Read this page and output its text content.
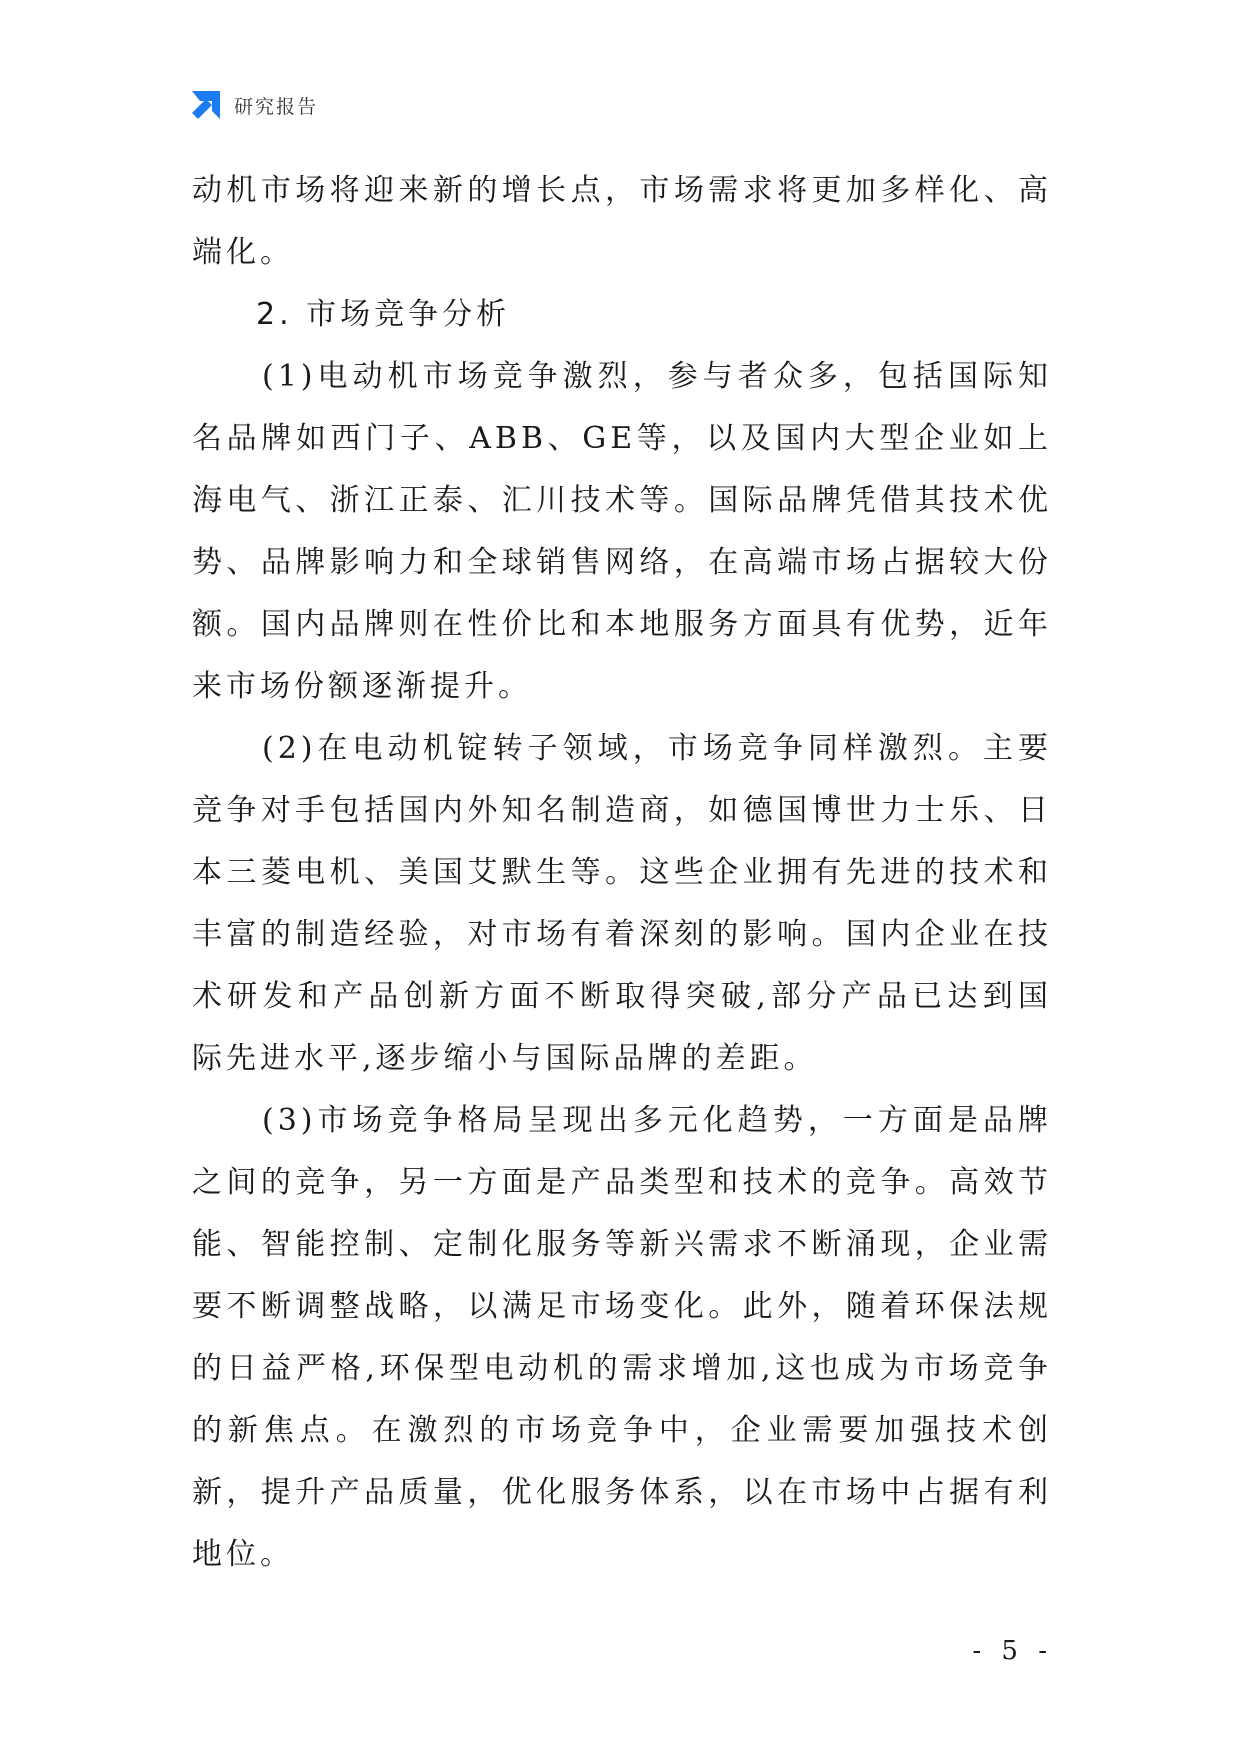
研究报告

动机市场将迎来新的增长点，市场需求将更加多样化、高端化。

2. 市场竞争分析

(1)电动机市场竞争激烈，参与者众多，包括国际知名品牌如西门子、ABB、GE等，以及国内大型企业如上海电气、浙江正泰、汇川技术等。国际品牌凭借其技术优势、品牌影响力和全球销售网络，在高端市场占据较大份额。国内品牌则在性价比和本地服务方面具有优势，近年来市场份额逐渐提升。

(2)在电动机锭转子领域，市场竞争同样激烈。主要竞争对手包括国内外知名制造商，如德国博世力士乐、日本三菱电机、美国艾默生等。这些企业拥有先进的技术和丰富的制造经验，对市场有着深刻的影响。国内企业在技术研发和产品创新方面不断取得突破,部分产品已达到国际先进水平,逐步缩小与国际品牌的差距。

(3)市场竞争格局呈现出多元化趋势，一方面是品牌之间的竞争，另一方面是产品类型和技术的竞争。高效节能、智能控制、定制化服务等新兴需求不断涌现，企业需要不断调整战略，以满足市场变化。此外，随着环保法规的日益严格,环保型电动机的需求增加,这也成为市场竞争的新焦点。在激烈的市场竞争中，企业需要加强技术创新，提升产品质量，优化服务体系，以在市场中占据有利地位。

- 5 -
